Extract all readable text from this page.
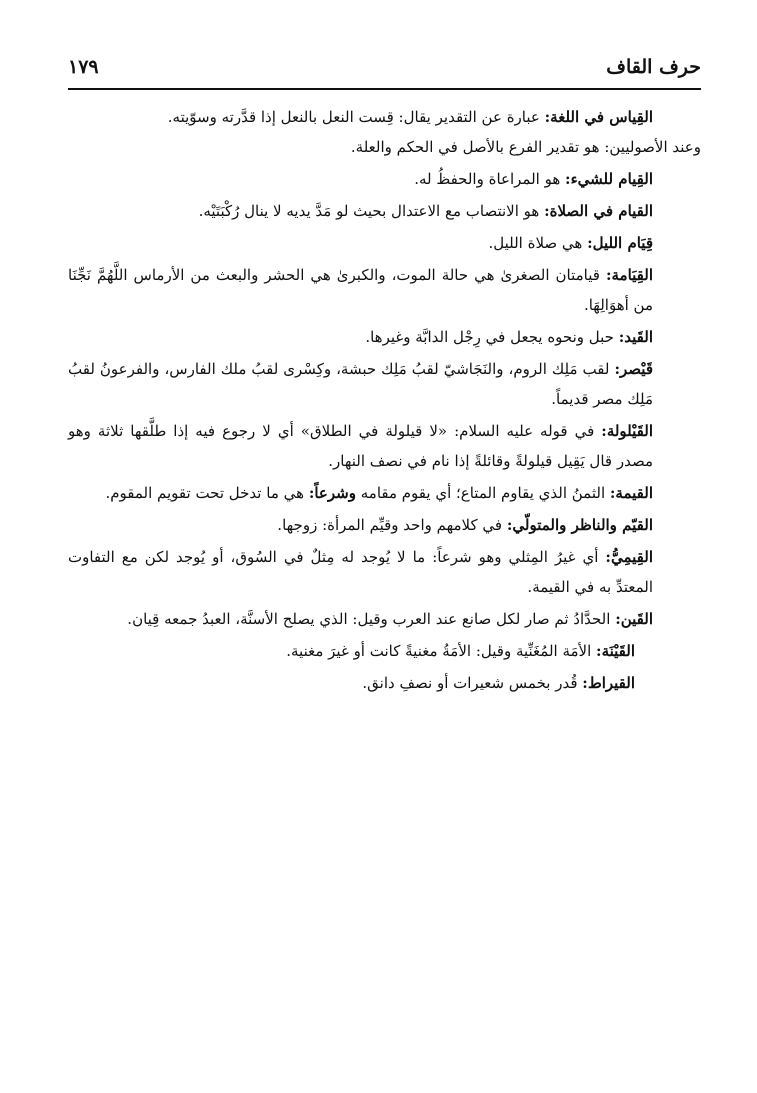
حرف القاف
١٧٩

القِياس في اللغة: عبارة عن التقدير يقال: قِست النعل بالنعل إذا قدَّرته وسوّيته.
وعند الأصوليين: هو تقدير الفرع بالأصل في الحكم والعلة.

القِيام للشيء: هو المراعاة والحفظُ له.

القيام في الصلاة: هو الانتصاب مع الاعتدال بحيث لو مَدَّ يديه لا ينال رُكْبَتَيْه.

قِيَام الليل: هي صلاة الليل.

القِيَامة: قيامتان الصغرىٰ هي حالة الموت، والكبرىٰ هي الحشر والبعث من الأرماس اللَّهُمَّ نَجِّنَا من أهوَالِهَا.

القَيد: حبل ونحوه يجعل في رِجْل الدابَّة وغيرها.

قَيْصر: لقب مَلِك الروم، والنَجَاشيّ لقبُ مَلِك حبشة، وكِسْرى لقبُ ملك الفارس، والفرعونُ لقبُ مَلِك مصر قديماً.

القَيْلولة: في قوله عليه السلام: «لا قيلولة في الطلاق» أي لا رجوع فيه إذا طلَّقها ثلاثة وهو مصدر قال يَقِيل قيلولةً وقائلةً إذا نام في نصف النهار.

القيمة: الثمنُ الذي يقاوم المتاع؛ أي يقوم مقامه وشرعاً: هي ما تدخل تحت تقويم المقوم.

القيّم والناظر والمتولّي: في كلامهم واحد وقيِّم المرأة: زوجها.

القِيمِيُّ: أي غيرُ المِثلي وهو شرعاً: ما لا يُوجد له مِثلٌ في السُوق، أو يُوجد لكن مع التفاوت المعتدِّ به في القيمة.

القَين: الحدَّادُ ثم صار لكل صانع عند العرب وقيل: الذي يصلح الأسنَّة، العبدُ جمعه قِيان.

القَيْنَة: الأمَة المُغَنِّية وقيل: الأمَةُ مغنيةً كانت أو غيرَ مغنية.

القيراط: قُدر بخمس شعيرات أو نصفِ دانق.
